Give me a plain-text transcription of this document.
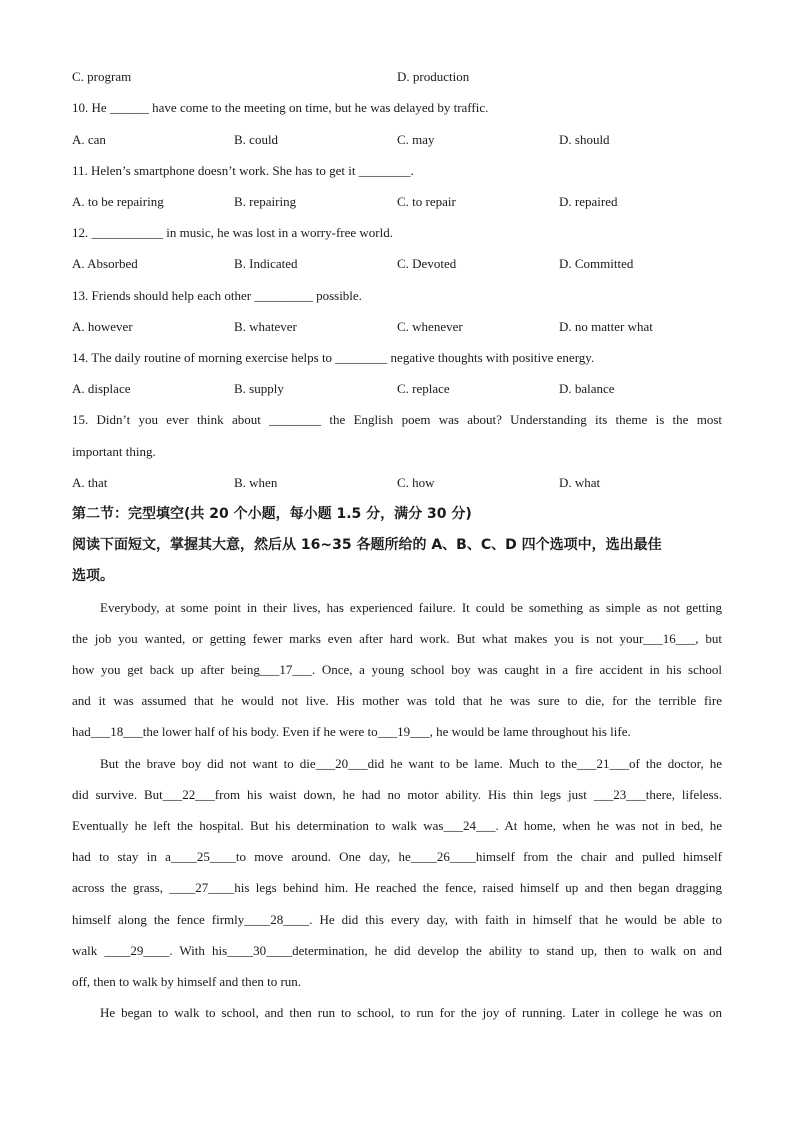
C. program	D. production
10. He ______ have come to the meeting on time, but he was delayed by traffic.
A. can	B. could	C. may	D. should
11. Helen’s smartphone doesn’t work. She has to get it ________.
A. to be repairing	B. repairing	C. to repair	D. repaired
12. ___________ in music, he was lost in a worry-free world.
A. Absorbed	B. Indicated	C. Devoted	D. Committed
13. Friends should help each other _________ possible.
A. however	B. whatever	C. whenever	D. no matter what
14. The daily routine of morning exercise helps to ________ negative thoughts with positive energy.
A. displace	B. supply	C. replace	D. balance
15. Didn’t you ever think about ________ the English poem was about? Understanding its theme is the most
important thing.
A. that	B. when	C. how	D. what
第二节：完型填空(共 20 个小题，每小题 1.5 分，满分 30 分)
阅读下面短文，掌握其大意，然后从 16~35 各题所给的 A、B、C、D 四个选项中，选出最佳
选项。
Everybody, at some point in their lives, has experienced failure. It could be something as simple as not getting
the job you wanted, or getting fewer marks even after hard work. But what makes you is not your___16___, but
how you get back up after being___17___. Once, a young school boy was caught in a fire accident in his school
and it was assumed that he would not live. His mother was told that he was sure to die, for the terrible fire
had___18___the lower half of his body. Even if he were to___19___, he would be lame throughout his life.
But the brave boy did not want to die___20___did he want to be lame. Much to the___21___of the doctor, he
did survive. But___22___from his waist down, he had no motor ability. His thin legs just ___23___there, lifeless.
Eventually he left the hospital. But his determination to walk was___24___. At home, when he was not in bed, he
had to stay in a____25____to move around. One day, he____26____himself from the chair and pulled himself
across the grass, ____27____his legs behind him. He reached the fence, raised himself up and then began dragging
himself along the fence firmly____28____. He did this every day, with faith in himself that he would be able to
walk ____29____. With his____30____determination, he did develop the ability to stand up, then to walk on and
off, then to walk by himself and then to run.
He began to walk to school, and then run to school, to run for the joy of running. Later in college he was on
